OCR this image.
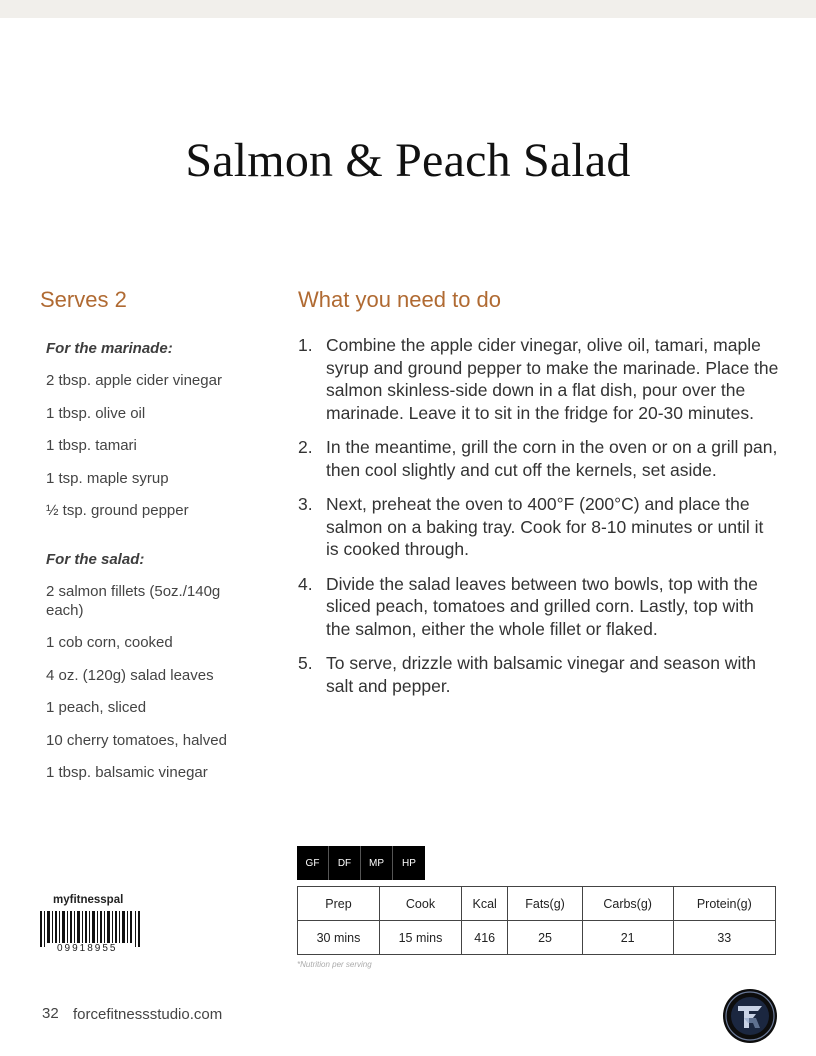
Salmon & Peach Salad
Serves 2	What you need to do
For the marinade:
2 tbsp. apple cider vinegar
1 tbsp. olive oil
1 tbsp. tamari
1 tsp. maple syrup
½ tsp. ground pepper
For the salad:
2 salmon fillets (5oz./140g each)
1 cob corn, cooked
4 oz. (120g) salad leaves
1 peach, sliced
10 cherry tomatoes, halved
1 tbsp. balsamic vinegar
1. Combine the apple cider vinegar, olive oil, tamari, maple syrup and ground pepper to make the marinade. Place the salmon skinless-side down in a flat dish, pour over the marinade. Leave it to sit in the fridge for 20-30 minutes.
2. In the meantime, grill the corn in the oven or on a grill pan, then cool slightly and cut off the kernels, set aside.
3. Next, preheat the oven to 400°F (200°C) and place the salmon on a baking tray. Cook for 8-10 minutes or until it is cooked through.
4. Divide the salad leaves between two bowls, top with the sliced peach, tomatoes and grilled corn. Lastly, top with the salmon, either the whole fillet or flaked.
5. To serve, drizzle with balsamic vinegar and season with salt and pepper.
GF	DF	MP	HP
Prep	Cook	Kcal	Fats(g)	Carbs(g)	Protein(g)
30 mins	15 mins	416	25	21	33
*Nutrition per serving
myfitnesspal
09918955
32 forcefitnessstudio.com
